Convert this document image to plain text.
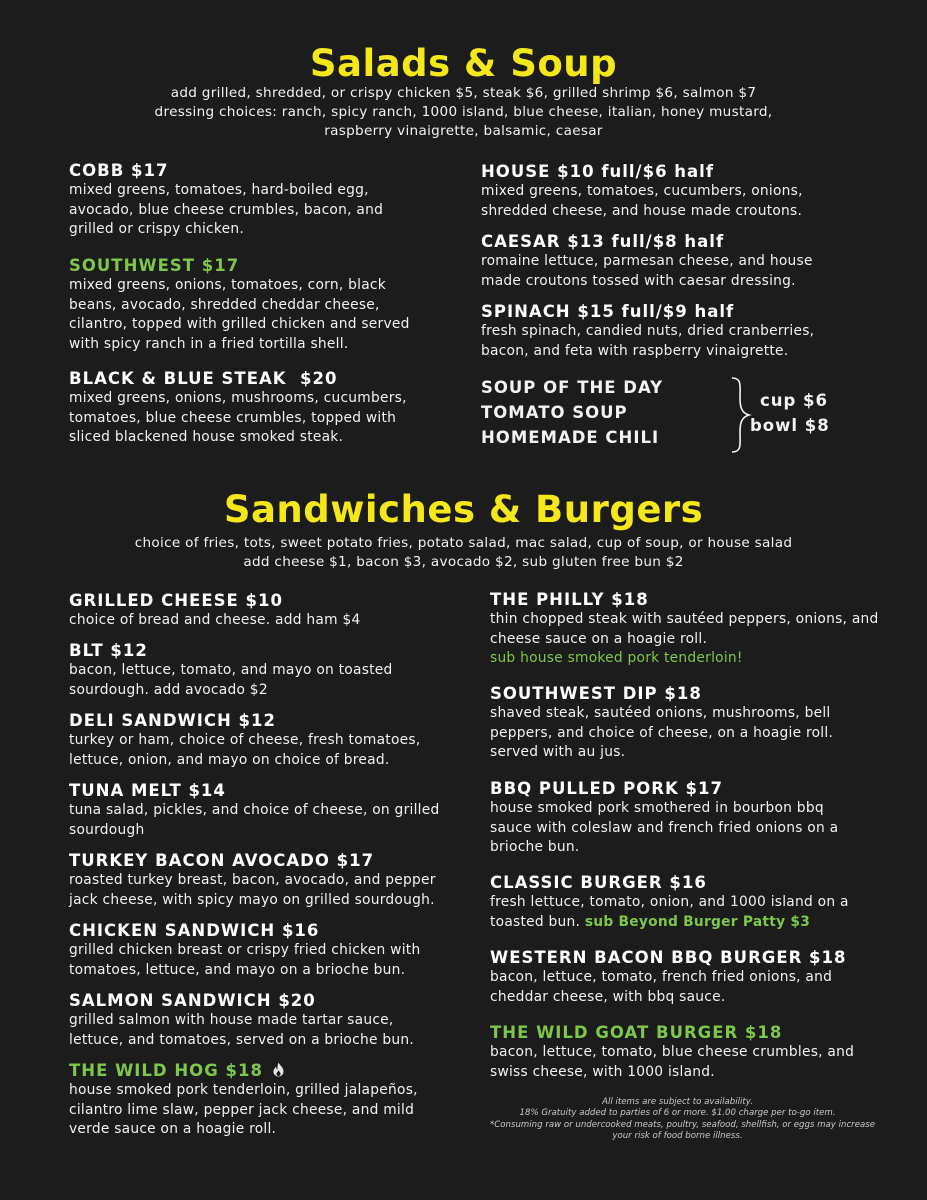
Salads & Soup
add grilled, shredded, or crispy chicken $5, steak $6, grilled shrimp $6, salmon $7
dressing choices: ranch, spicy ranch, 1000 island, blue cheese, italian, honey mustard,
raspberry vinaigrette, balsamic, caesar
COBB $17
mixed greens, tomatoes, hard-boiled egg, avocado, blue cheese crumbles, bacon, and grilled or crispy chicken.
SOUTHWEST $17
mixed greens, onions, tomatoes, corn, black beans, avocado, shredded cheddar cheese, cilantro, topped with grilled chicken and served with spicy ranch in a fried tortilla shell.
BLACK & BLUE STEAK  $20
mixed greens, onions, mushrooms, cucumbers, tomatoes, blue cheese crumbles, topped with sliced blackened house smoked steak.
HOUSE $10 full/$6 half
mixed greens, tomatoes, cucumbers, onions, shredded cheese, and house made croutons.
CAESAR $13 full/$8 half
romaine lettuce, parmesan cheese, and house made croutons tossed with caesar dressing.
SPINACH $15 full/$9 half
fresh spinach, candied nuts, dried cranberries, bacon, and feta with raspberry vinaigrette.
SOUP OF THE DAY
TOMATO SOUP
HOMEMADE CHILI
cup $6
bowl $8
Sandwiches & Burgers
choice of fries, tots, sweet potato fries, potato salad, mac salad, cup of soup, or house salad
add cheese $1, bacon $3, avocado $2, sub gluten free bun $2
GRILLED CHEESE $10
choice of bread and cheese. add ham $4
BLT $12
bacon, lettuce, tomato, and mayo on toasted sourdough. add avocado $2
DELI SANDWICH $12
turkey or ham, choice of cheese, fresh tomatoes, lettuce, onion, and mayo on choice of bread.
TUNA MELT $14
tuna salad, pickles, and choice of cheese, on grilled sourdough
TURKEY BACON AVOCADO $17
roasted turkey breast, bacon, avocado, and pepper jack cheese, with spicy mayo on grilled sourdough.
CHICKEN SANDWICH $16
grilled chicken breast or crispy fried chicken with tomatoes, lettuce, and mayo on a brioche bun.
SALMON SANDWICH $20
grilled salmon with house made tartar sauce, lettuce, and tomatoes, served on a brioche bun.
THE WILD HOG $18
house smoked pork tenderloin, grilled jalapeños, cilantro lime slaw, pepper jack cheese, and mild verde sauce on a hoagie roll.
THE PHILLY $18
thin chopped steak with sautéed peppers, onions, and cheese sauce on a hoagie roll.
sub house smoked pork tenderloin!
SOUTHWEST DIP $18
shaved steak, sautéed onions, mushrooms, bell peppers, and choice of cheese, on a hoagie roll. served with au jus.
BBQ PULLED PORK $17
house smoked pork smothered in bourbon bbq sauce with coleslaw and french fried onions on a brioche bun.
CLASSIC BURGER $16
fresh lettuce, tomato, onion, and 1000 island on a toasted bun. sub Beyond Burger Patty $3
WESTERN BACON BBQ BURGER $18
bacon, lettuce, tomato, french fried onions, and cheddar cheese, with bbq sauce.
THE WILD GOAT BURGER $18
bacon, lettuce, tomato, blue cheese crumbles, and swiss cheese, with 1000 island.
All items are subject to availability.
18% Gratuity added to parties of 6 or more. $1.00 charge per to-go item.
*Consuming raw or undercooked meats, poultry, seafood, shellfish, or eggs may increase
your risk of food borne illness.
